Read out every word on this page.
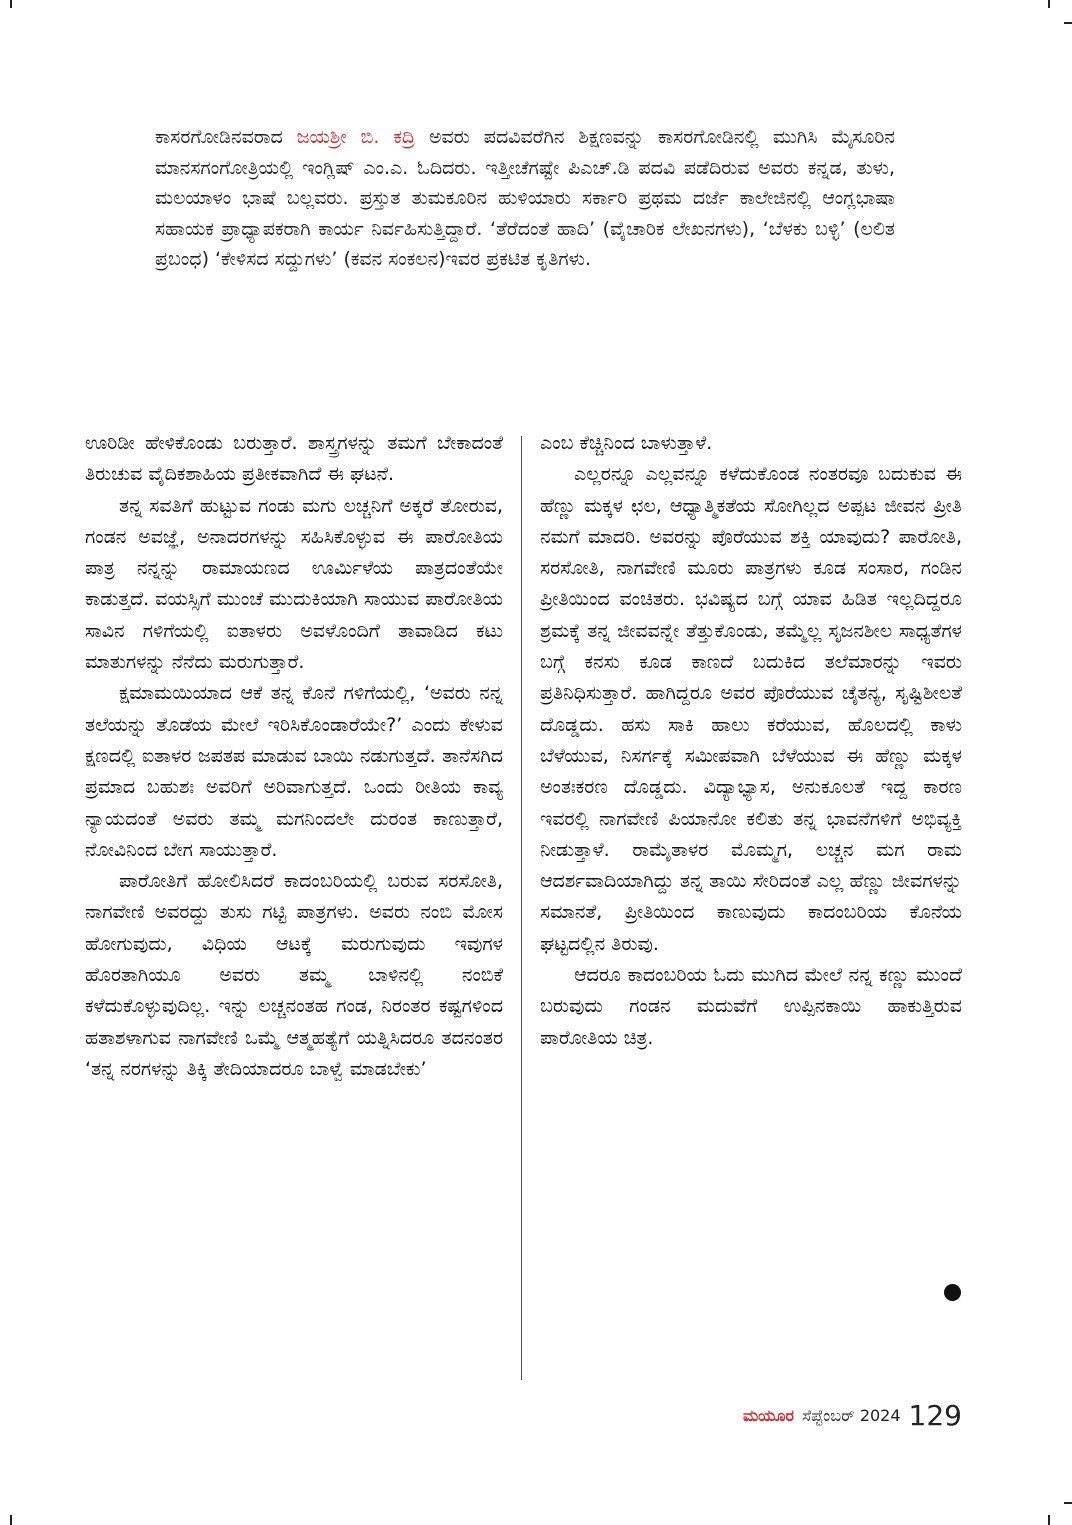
ಕಾಸರಗೋಡಿನವರಾದ ಜಯಶ್ರೀ ಬಿ. ಕದ್ರಿ ಅವರು ಪದವಿವರೆಗಿನ ಶಿಕ್ಷಣವನ್ನು ಕಾಸರಗೋಡಿನಲ್ಲಿ ಮುಗಿಸಿ ಮೈಸೂರಿನ ಮಾನಸಗಂಗೋತ್ರಿಯಲ್ಲಿ ಇಂಗ್ಲಿಷ್ ಎಂ.ಎ. ಓದಿದರು. ಇತ್ತೀಚೆಗಷ್ಟೇ ಪಿಎಚ್.ಡಿ ಪದವಿ ಪಡೆದಿರುವ ಅವರು ಕನ್ನಡ, ತುಳು, ಮಲಯಾಳಂ ಭಾಷೆ ಬಲ್ಲವರು. ಪ್ರಸ್ತುತ ತುಮಕೂರಿನ ಹುಳಿಯಾರು ಸರ್ಕಾರಿ ಪ್ರಥಮ ದರ್ಜೆ ಕಾಲೇಜಿನಲ್ಲಿ ಆಂಗ್ಲಭಾಷಾ ಸಹಾಯಕ ಪ್ರಾಧ್ಯಾಪಕರಾಗಿ ಕಾರ್ಯ ನಿರ್ವಹಿಸುತ್ತಿದ್ದಾರೆ. ‘ತೆರೆದಂತೆ ಹಾದಿ’ (ವೈಚಾರಿಕ ಲೇಖನಗಳು), ‘ಬೆಳಕು ಬಳ್ಳಿ’ (ಲಲಿತ ಪ್ರಬಂಧ) ‘ಕೇಳಿಸದ ಸದ್ದುಗಳು’ (ಕವನ ಸಂಕಲನ)ಇವರ ಪ್ರಕಟಿತ ಕೃತಿಗಳು.

ಊರಿಡೀ ಹೇಳಿಕೊಂಡು ಬರುತ್ತಾರೆ. ಶಾಸ್ತ್ರಗಳನ್ನು ತಮಗೆ ಬೇಕಾದಂತೆ ತಿರುಚುವ ವೈದಿಕಶಾಹಿಯ ಪ್ರತೀಕವಾಗಿದೆ ಈ ಘಟನೆ.

ತನ್ನ ಸವತಿಗೆ ಹುಟ್ಟುವ ಗಂಡು ಮಗು ಲಚ್ಚನಿಗೆ ಅಕ್ಕರೆ ತೋರುವ, ಗಂಡನ ಅವಜ್ಞೆ, ಅನಾದರಗಳನ್ನು ಸಹಿಸಿಕೊಳ್ಳುವ ಈ ಪಾರೋತಿಯ ಪಾತ್ರ ನನ್ನನ್ನು ರಾಮಾಯಣದ ಊರ್ಮಿಳೆಯ ಪಾತ್ರದಂತೆಯೇ ಕಾಡುತ್ತದೆ. ವಯಸ್ಸಿಗೆ ಮುಂಚೆ ಮುದುಕಿಯಾಗಿ ಸಾಯುವ ಪಾರೋತಿಯ ಸಾವಿನ ಗಳಿಗೆಯಲ್ಲಿ ಐತಾಳರು ಅವಳೊಂದಿಗೆ ತಾವಾಡಿದ ಕಟು ಮಾತುಗಳನ್ನು ನೆನೆದು ಮರುಗುತ್ತಾರೆ.

ಕ್ಷಮಾಮಯಿಯಾದ ಆಕೆ ತನ್ನ ಕೊನೆ ಗಳಿಗೆಯಲ್ಲಿ, ‘ಅವರು ನನ್ನ ತಲೆಯನ್ನು ತೊಡೆಯ ಮೇಲೆ ಇರಿಸಿಕೊಂಡಾರೆಯೇ?’ ಎಂದು ಕೇಳುವ ಕ್ಷಣದಲ್ಲಿ ಐತಾಳರ ಜಪತಪ ಮಾಡುವ ಬಾಯಿ ನಡುಗುತ್ತದೆ. ತಾನೆಸಗಿದ ಪ್ರಮಾದ ಬಹುಶಃ ಅವರಿಗೆ ಅರಿವಾಗುತ್ತದೆ. ಒಂದು ರೀತಿಯ ಕಾವ್ಯ ನ್ಯಾಯದಂತೆ ಅವರು ತಮ್ಮ ಮಗನಿಂದಲೇ ದುರಂತ ಕಾಣುತ್ತಾರೆ, ನೋವಿನಿಂದ ಬೇಗ ಸಾಯುತ್ತಾರೆ.

ಪಾರೋತಿಗೆ ಹೋಲಿಸಿದರೆ ಕಾದಂಬರಿಯಲ್ಲಿ ಬರುವ ಸರಸೋತಿ, ನಾಗವೇಣಿ ಅವರದ್ದು ತುಸು ಗಟ್ಟಿ ಪಾತ್ರಗಳು. ಅವರು ನಂಬಿ ಮೋಸ ಹೋಗುವುದು, ವಿಧಿಯ ಆಟಕ್ಕೆ ಮರುಗುವುದು ಇವುಗಳ ಹೊರತಾಗಿಯೂ ಅವರು ತಮ್ಮ ಬಾಳಿನಲ್ಲಿ ನಂಬಿಕೆ ಕಳೆದುಕೊಳ್ಳುವುದಿಲ್ಲ. ಇನ್ನು ಲಚ್ಚನಂತಹ ಗಂಡ, ನಿರಂತರ ಕಷ್ಟಗಳಿಂದ ಹತಾಶಳಾಗುವ ನಾಗವೇಣಿ ಒಮ್ಮೆ ಆತ್ಮಹತ್ಯೆಗೆ ಯತ್ನಿಸಿದರೂ ತದನಂತರ ‘ತನ್ನ ನರಗಳನ್ನು ತಿಕ್ಕಿ ತೇದಿಯಾದರೂ ಬಾಳ್ವೆ ಮಾಡಬೇಕು’

ಎಂಬ ಕೆಚ್ಚಿನಿಂದ ಬಾಳುತ್ತಾಳೆ.

ಎಲ್ಲರನ್ನೂ ಎಲ್ಲವನ್ನೂ ಕಳೆದುಕೊಂಡ ನಂತರವೂ ಬದುಕುವ ಈ ಹೆಣ್ಣು ಮಕ್ಕಳ ಛಲ, ಆಧ್ಯಾತ್ಮಿಕತೆಯ ಸೋಗಿಲ್ಲದ ಅಪ್ಪಟ ಜೀವನ ಪ್ರೀತಿ ನಮಗೆ ಮಾದರಿ. ಅವರನ್ನು ಪೊರೆಯುವ ಶಕ್ತಿ ಯಾವುದು? ಪಾರೋತಿ, ಸರಸೋತಿ, ನಾಗವೇಣಿ ಮೂರು ಪಾತ್ರಗಳು ಕೂಡ ಸಂಸಾರ, ಗಂಡಿನ ಪ್ರೀತಿಯಿಂದ ವಂಚಿತರು. ಭವಿಷ್ಯದ ಬಗ್ಗೆ ಯಾವ ಹಿಡಿತ ಇಲ್ಲದಿದ್ದರೂ ಶ್ರಮಕ್ಕೆ ತನ್ನ ಜೀವವನ್ನೇ ತೆತ್ತುಕೊಂಡು, ತಮ್ಮೆಲ್ಲ ಸೃಜನಶೀಲ ಸಾಧ್ಯತೆಗಳ ಬಗ್ಗೆ ಕನಸು ಕೂಡ ಕಾಣದೆ ಬದುಕಿದ ತಲೆಮಾರನ್ನು ಇವರು ಪ್ರತಿನಿಧಿಸುತ್ತಾರೆ. ಹಾಗಿದ್ದರೂ ಅವರ ಪೊರೆಯುವ ಚೈತನ್ಯ, ಸೃಷ್ಟಿಶೀಲತೆ ದೊಡ್ಡದು. ಹಸು ಸಾಕಿ ಹಾಲು ಕರೆಯುವ, ಹೊಲದಲ್ಲಿ ಕಾಳು ಬೆಳೆಯುವ, ನಿಸರ್ಗಕ್ಕೆ ಸಮೀಪವಾಗಿ ಬೆಳೆಯುವ ಈ ಹೆಣ್ಣು ಮಕ್ಕಳ ಅಂತಃಕರಣ ದೊಡ್ಡದು. ವಿದ್ಯಾಭ್ಯಾಸ, ಅನುಕೂಲತೆ ಇದ್ದ ಕಾರಣ ಇವರಲ್ಲಿ ನಾಗವೇಣಿ ಪಿಯಾನೋ ಕಲಿತು ತನ್ನ ಭಾವನೆಗಳಿಗೆ ಅಭಿವ್ಯಕ್ತಿ ನೀಡುತ್ತಾಳೆ. ರಾಮೈತಾಳರ ಮೊಮ್ಮಗ, ಲಚ್ಚನ ಮಗ ರಾಮ ಆದರ್ಶವಾದಿಯಾಗಿದ್ದು ತನ್ನ ತಾಯಿ ಸೇರಿದಂತೆ ಎಲ್ಲ ಹೆಣ್ಣು ಜೀವಗಳನ್ನು ಸಮಾನತೆ, ಪ್ರೀತಿಯಿಂದ ಕಾಣುವುದು ಕಾದಂಬರಿಯ ಕೊನೆಯ ಘಟ್ಟದಲ್ಲಿನ ತಿರುವು.

ಆದರೂ ಕಾದಂಬರಿಯ ಓದು ಮುಗಿದ ಮೇಲೆ ನನ್ನ ಕಣ್ಣು ಮುಂದೆ ಬರುವುದು ಗಂಡನ ಮದುವೆಗೆ ಉಪ್ಪಿನಕಾಯಿ ಹಾಕುತ್ತಿರುವ ಪಾರೋತಿಯ ಚಿತ್ರ.

ಮಯೂರ ಸೆಪ್ಟೆಂಬರ್ 2024 129
